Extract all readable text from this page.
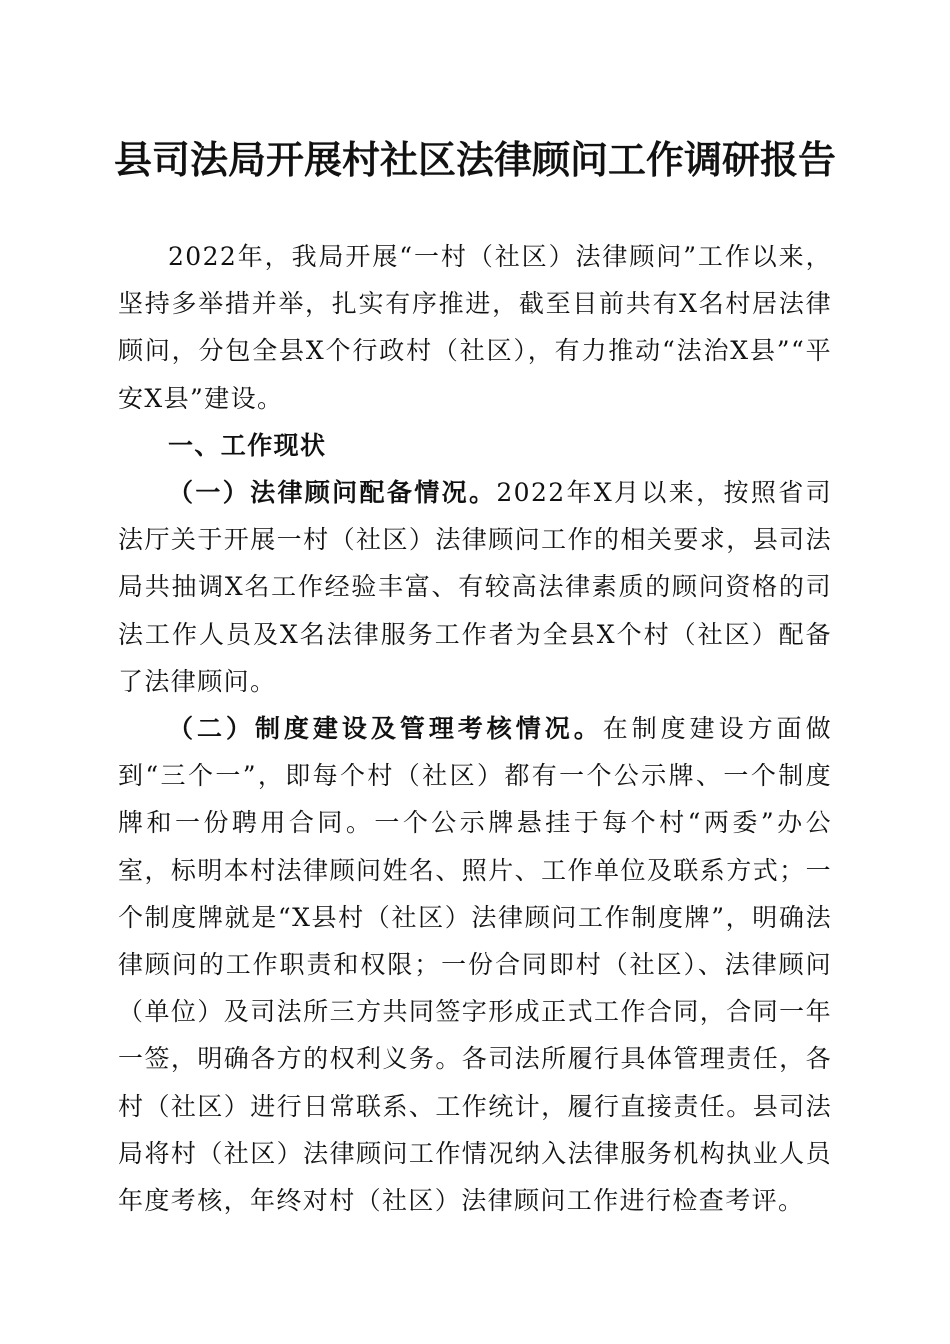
县司法局开展村社区法律顾问工作调研报告

2022年，我局开展“一村（社区）法律顾问”工作以来，坚持多举措并举，扎实有序推进，截至目前共有X名村居法律顾问，分包全县X个行政村（社区），有力推动“法治X县”“平安X县”建设。

一、工作现状

（一）法律顾问配备情况。2022年X月以来，按照省司法厅关于开展一村（社区）法律顾问工作的相关要求，县司法局共抽调X名工作经验丰富、有较高法律素质的顾问资格的司法工作人员及X名法律服务工作者为全县X个村（社区）配备了法律顾问。

（二）制度建设及管理考核情况。在制度建设方面做到“三个一”，即每个村（社区）都有一个公示牌、一个制度牌和一份聘用合同。一个公示牌悬挂于每个村“两委”办公室，标明本村法律顾问姓名、照片、工作单位及联系方式；一个制度牌就是“X县村（社区）法律顾问工作制度牌”，明确法律顾问的工作职责和权限；一份合同即村（社区）、法律顾问（单位）及司法所三方共同签字形成正式工作合同，合同一年一签，明确各方的权利义务。各司法所履行具体管理责任，各村（社区）进行日常联系、工作统计，履行直接责任。县司法局将村（社区）法律顾问工作情况纳入法律服务机构执业人员年度考核，年终对村（社区）法律顾问工作进行检查考评。
